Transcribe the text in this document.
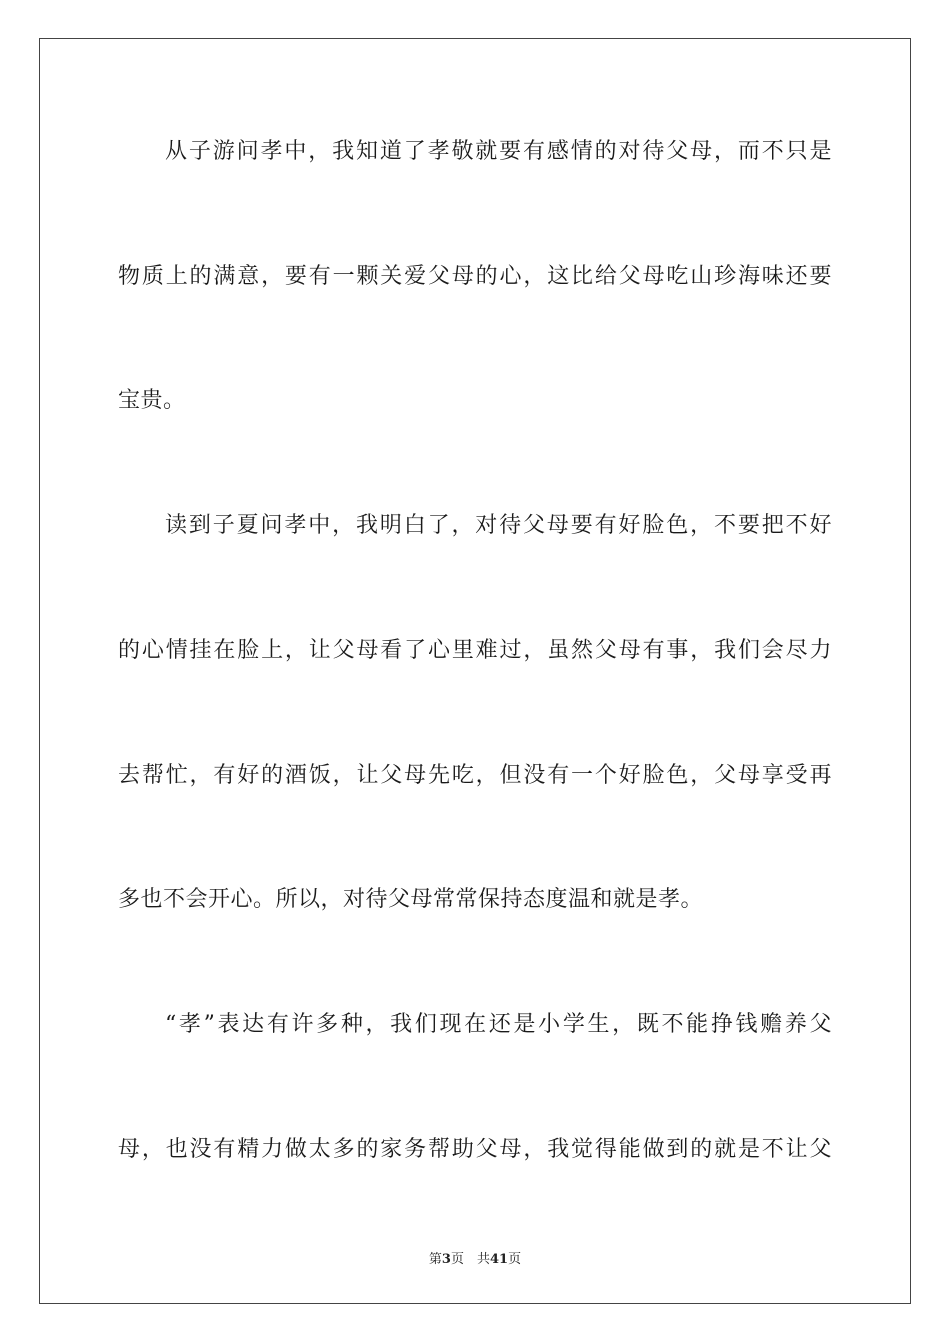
从子游问孝中，我知道了孝敬就要有感情的对待父母，而不只是
物质上的满意，要有一颗关爱父母的心，这比给父母吃山珍海味还要
宝贵。
读到子夏问孝中，我明白了，对待父母要有好脸色，不要把不好
的心情挂在脸上，让父母看了心里难过，虽然父母有事，我们会尽力
去帮忙，有好的酒饭，让父母先吃，但没有一个好脸色，父母享受再
多也不会开心。所以，对待父母常常保持态度温和就是孝。
“孝”表达有许多种，我们现在还是小学生，既不能挣钱赡养父
母，也没有精力做太多的家务帮助父母，我觉得能做到的就是不让父
第3页　共41页
